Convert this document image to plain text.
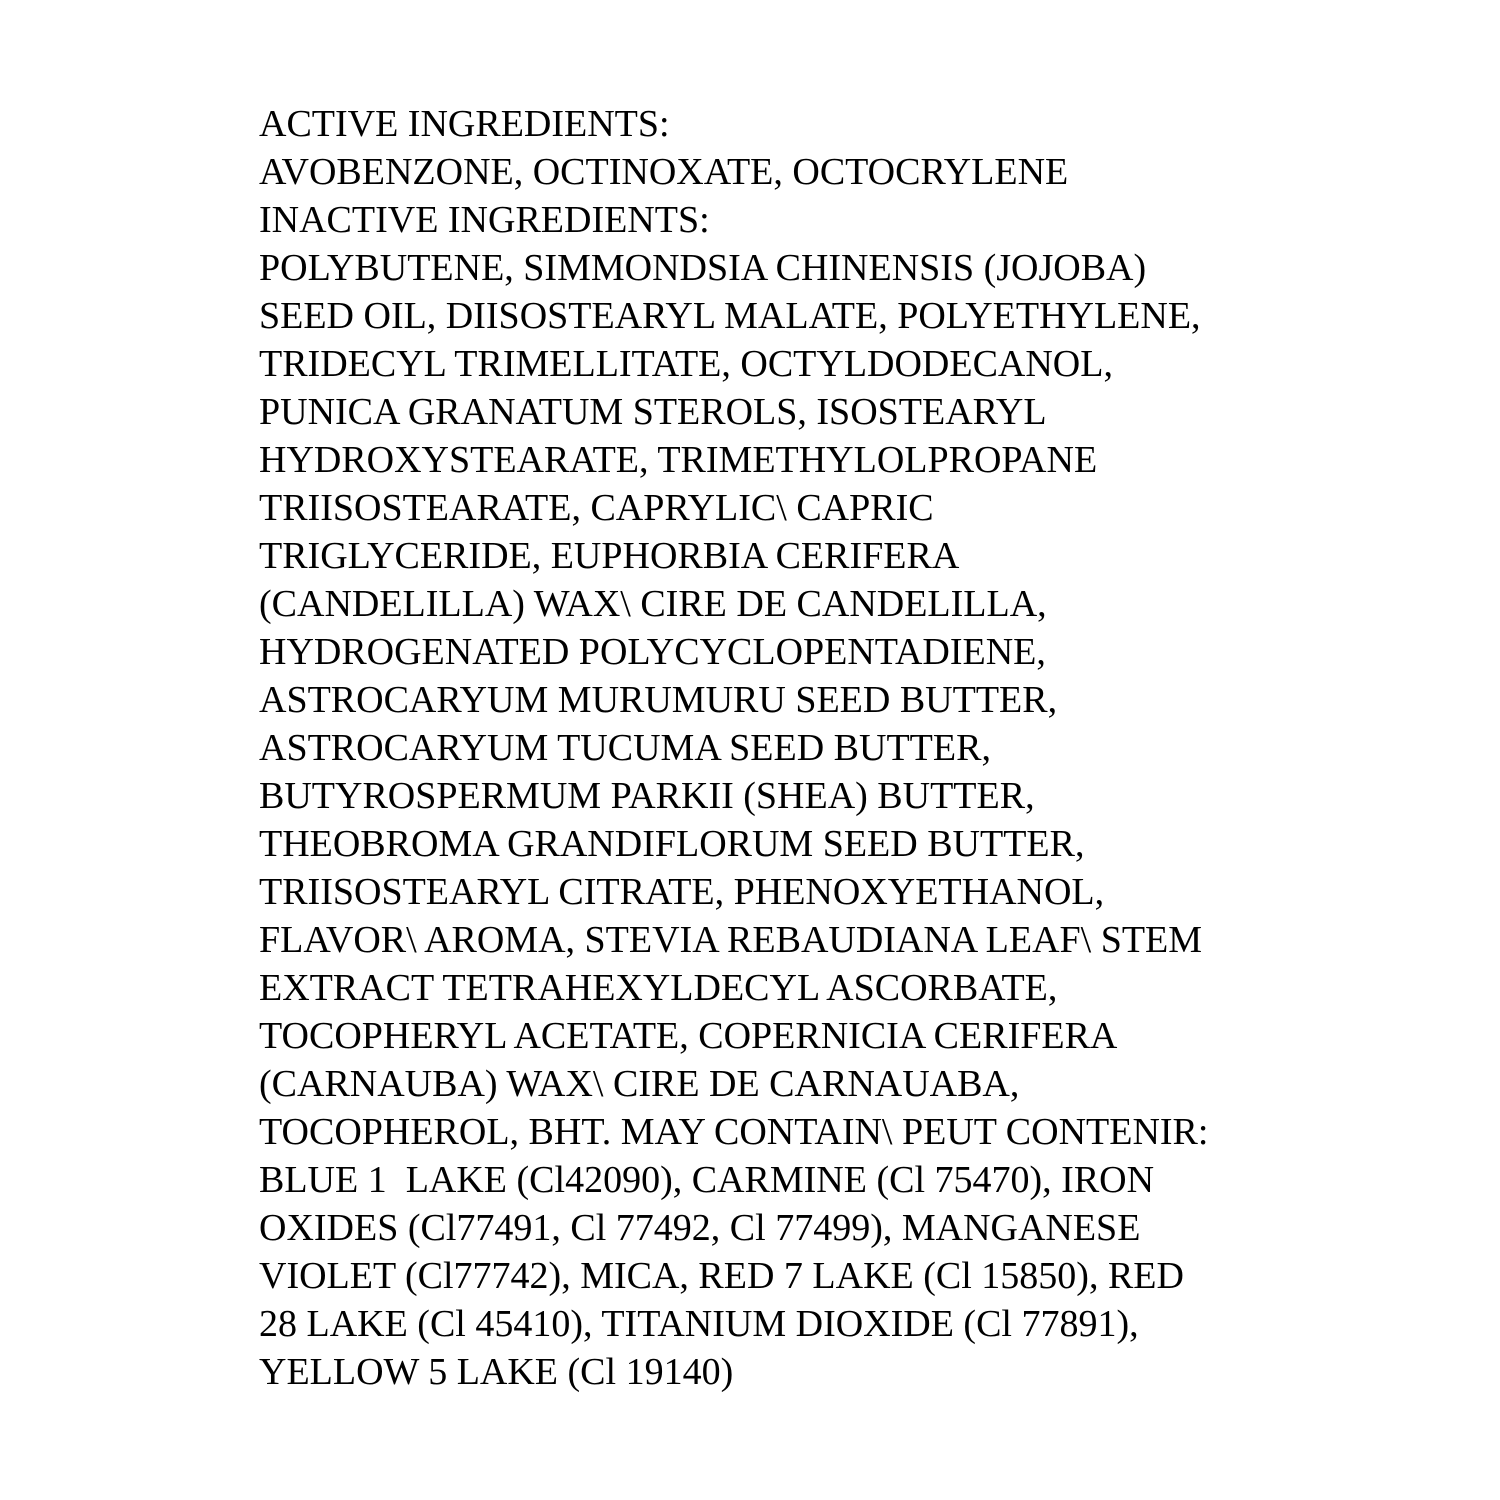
ACTIVE INGREDIENTS:
AVOBENZONE, OCTINOXATE, OCTOCRYLENE
INACTIVE INGREDIENTS:
POLYBUTENE, SIMMONDSIA CHINENSIS (JOJOBA)
SEED OIL, DIISOSTEARYL MALATE, POLYETHYLENE,
TRIDECYL TRIMELLITATE, OCTYLDODECANOL,
PUNICA GRANATUM STEROLS, ISOSTEARYL
HYDROXYSTEARATE, TRIMETHYLOLPROPANE
TRIISOSTEARATE, CAPRYLIC\ CAPRIC
TRIGLYCERIDE, EUPHORBIA CERIFERA
(CANDELILLA) WAX\ CIRE DE CANDELILLA,
HYDROGENATED POLYCYCLOPENTADIENE,
ASTROCARYUM MURUMURU SEED BUTTER,
ASTROCARYUM TUCUMA SEED BUTTER,
BUTYROSPERMUM PARKII (SHEA) BUTTER,
THEOBROMA GRANDIFLORUM SEED BUTTER,
TRIISOSTEARYL CITRATE, PHENOXYETHANOL,
FLAVOR\ AROMA, STEVIA REBAUDIANA LEAF\ STEM
EXTRACT TETRAHEXYLDECYL ASCORBATE,
TOCOPHERYL ACETATE, COPERNICIA CERIFERA
(CARNAUBA) WAX\ CIRE DE CARNAUABA,
TOCOPHEROL, BHT. MAY CONTAIN\ PEUT CONTENIR:
BLUE 1  LAKE (Cl42090), CARMINE (Cl 75470), IRON
OXIDES (Cl77491, Cl 77492, Cl 77499), MANGANESE
VIOLET (Cl77742), MICA, RED 7 LAKE (Cl 15850), RED
28 LAKE (Cl 45410), TITANIUM DIOXIDE (Cl 77891),
YELLOW 5 LAKE (Cl 19140)
